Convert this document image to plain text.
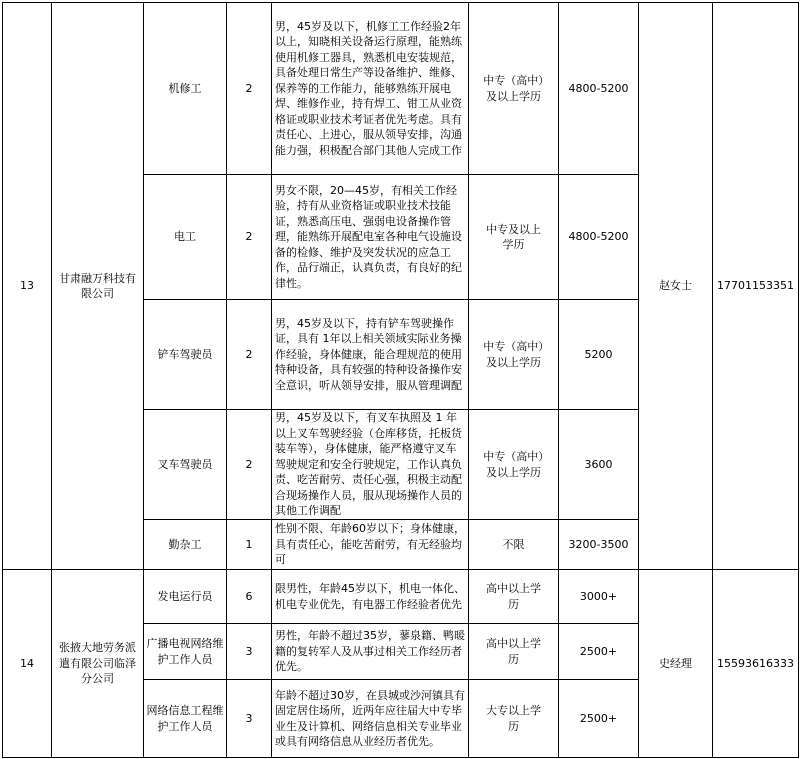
13	甘肃融万科技有限公司	机修工	2	男，45岁及以下，机修工工作经验2年以上，知晓相关设备运行原理，能熟练使用机修工器具，熟悉机电安装规范，具备处理日常生产等设备维护、维修、保养等的工作能力，能够熟练开展电焊、维修作业，持有焊工、钳工从业资格证或职业技术考证者优先考虑。具有责任心、上进心，服从领导安排，沟通能力强，积极配合部门其他人完成工作	中专（高中）及以上学历	4800-5200	赵女士	17701153351
		电工	2	男女不限，20—45岁，有相关工作经验，持有从业资格证或职业技术技能证，熟悉高压电、强弱电设备操作管理，能熟练开展配电室各种电气设施设备的检修、维护及突发状况的应急工作，品行端正，认真负责，有良好的纪律性。	中专及以上学历	4800-5200		
		铲车驾驶员	2	男，45岁及以下，持有铲车驾驶操作证，具有 1年以上相关领域实际业务操作经验，身体健康，能合理规范的使用特种设备，具有较强的特种设备操作安全意识，听从领导安排，服从管理调配	中专（高中）及以上学历	5200		
		叉车驾驶员	2	男，45岁及以下，有叉车执照及 1 年以上叉车驾驶经验（仓库移货，托板货装车等），身体健康，能严格遵守叉车驾驶规定和安全行驶规定，工作认真负责、吃苦耐劳、责任心强，积极主动配合现场操作人员，服从现场操作人员的其他工作调配	中专（高中）及以上学历	3600		
		勤杂工	1	性别不限、年龄60岁以下；身体健康，具有责任心，能吃苦耐劳，有无经验均可	不限	3200-3500		
14	张掖大地劳务派遣有限公司临泽分公司	发电运行员	6	限男性，年龄45岁以下，机电一体化、机电专业优先，有电器工作经验者优先	高中以上学历	3000+	史经理	15593616333
		广播电视网络维护工作人员	3	男性，年龄不超过35岁，蓼泉籍、鸭暖籍的复转军人及从事过相关工作经历者优先。	高中以上学历	2500+		
		网络信息工程维护工作人员	3	年龄不超过30岁，在县城或沙河镇具有固定居住场所，近两年应往届大中专毕业生及计算机、网络信息相关专业毕业或具有网络信息从业经历者优先。	大专以上学历	2500+		
